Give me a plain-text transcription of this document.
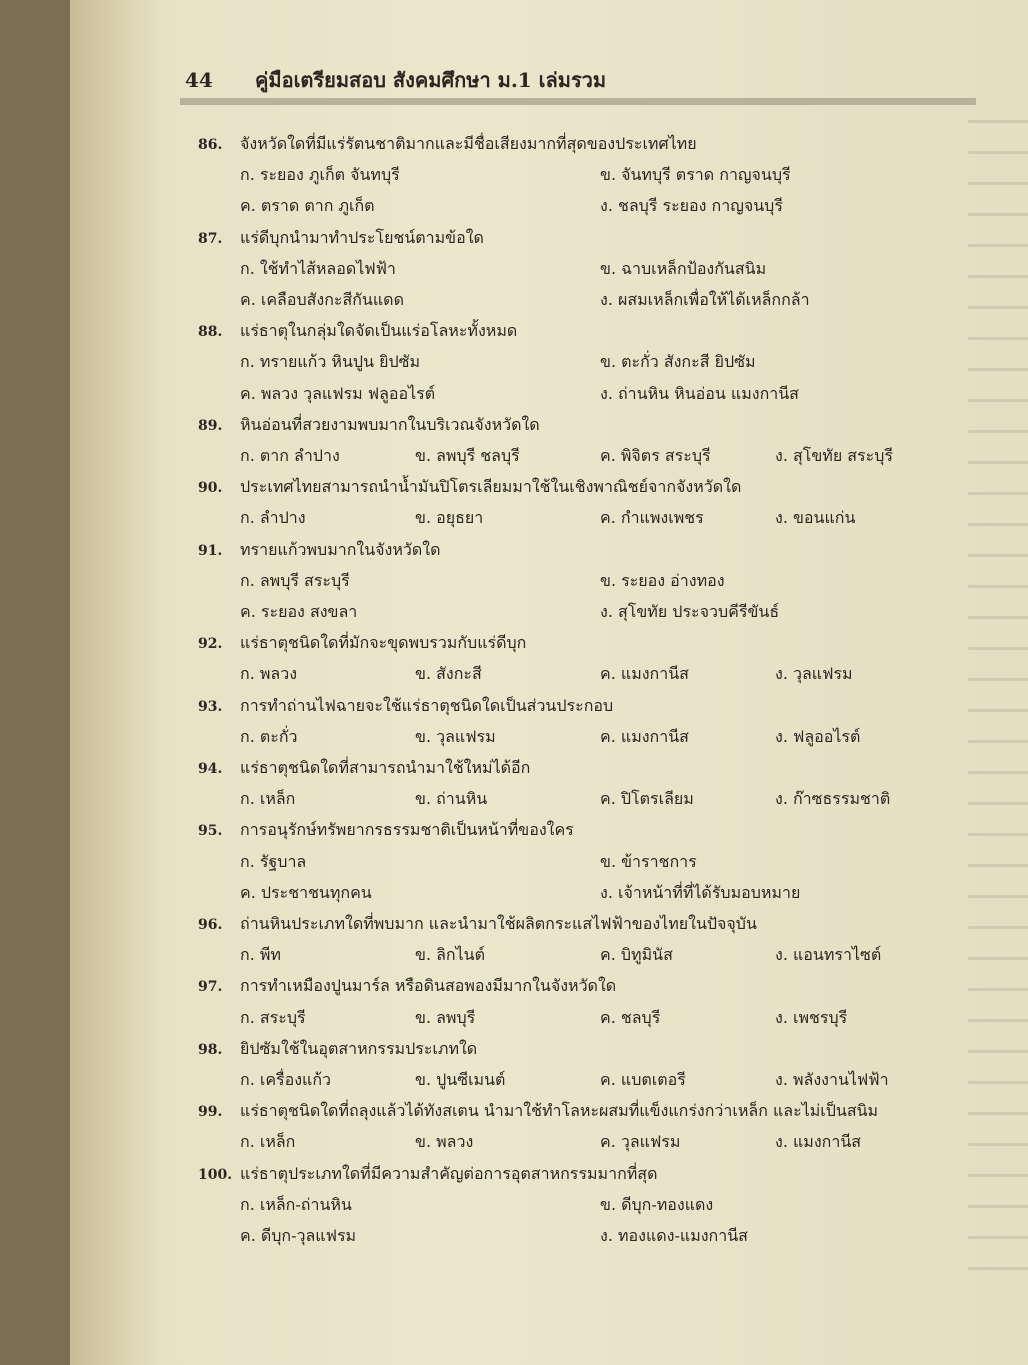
44 คู่มือเตรียมสอบ สังคมศึกษา ม.1 เล่มรวม
86. จังหวัดใดที่มีแร่รัตนชาติมากและมีชื่อเสียงมากที่สุดของประเทศไทย
ก. ระยอง ภูเก็ต จันทบุรี	ข. จันทบุรี ตราด กาญจนบุรี
ค. ตราด ตาก ภูเก็ต	ง. ชลบุรี ระยอง กาญจนบุรี
87. แร่ดีบุกนำมาทำประโยชน์ตามข้อใด
ก. ใช้ทำไส้หลอดไฟฟ้า	ข. ฉาบเหล็กป้องกันสนิม
ค. เคลือบสังกะสีกันแดด	ง. ผสมเหล็กเพื่อให้ได้เหล็กกล้า
88. แร่ธาตุในกลุ่มใดจัดเป็นแร่อโลหะทั้งหมด
ก. ทรายแก้ว หินปูน ยิปซัม	ข. ตะกั่ว สังกะสี ยิปซัม
ค. พลวง วุลแฟรม ฟลูออไรต์	ง. ถ่านหิน หินอ่อน แมงกานีส
89. หินอ่อนที่สวยงามพบมากในบริเวณจังหวัดใด
ก. ตาก ลำปาง	ข. ลพบุรี ชลบุรี	ค. พิจิตร สระบุรี	ง. สุโขทัย สระบุรี
90. ประเทศไทยสามารถนำน้ำมันปิโตรเลียมมาใช้ในเชิงพาณิชย์จากจังหวัดใด
ก. ลำปาง	ข. อยุธยา	ค. กำแพงเพชร	ง. ขอนแก่น
91. ทรายแก้วพบมากในจังหวัดใด
ก. ลพบุรี สระบุรี	ข. ระยอง อ่างทอง
ค. ระยอง สงขลา	ง. สุโขทัย ประจวบคีรีขันธ์
92. แร่ธาตุชนิดใดที่มักจะขุดพบรวมกับแร่ดีบุก
ก. พลวง	ข. สังกะสี	ค. แมงกานีส	ง. วุลแฟรม
93. การทำถ่านไฟฉายจะใช้แร่ธาตุชนิดใดเป็นส่วนประกอบ
ก. ตะกั่ว	ข. วุลแฟรม	ค. แมงกานีส	ง. ฟลูออไรต์
94. แร่ธาตุชนิดใดที่สามารถนำมาใช้ใหม่ได้อีก
ก. เหล็ก	ข. ถ่านหิน	ค. ปิโตรเลียม	ง. ก๊าซธรรมชาติ
95. การอนุรักษ์ทรัพยากรธรรมชาติเป็นหน้าที่ของใคร
ก. รัฐบาล	ข. ข้าราชการ
ค. ประชาชนทุกคน	ง. เจ้าหน้าที่ที่ได้รับมอบหมาย
96. ถ่านหินประเภทใดที่พบมาก และนำมาใช้ผลิตกระแสไฟฟ้าของไทยในปัจจุบัน
ก. พีท	ข. ลิกไนต์	ค. บิทูมินัส	ง. แอนทราไซต์
97. การทำเหมืองปูนมาร์ล หรือดินสอพองมีมากในจังหวัดใด
ก. สระบุรี	ข. ลพบุรี	ค. ชลบุรี	ง. เพชรบุรี
98. ยิปซัมใช้ในอุตสาหกรรมประเภทใด
ก. เครื่องแก้ว	ข. ปูนซีเมนต์	ค. แบตเตอรี	ง. พลังงานไฟฟ้า
99. แร่ธาตุชนิดใดที่ถลุงแล้วได้ทังสเตน นำมาใช้ทำโลหะผสมที่แข็งแกร่งกว่าเหล็ก และไม่เป็นสนิม
ก. เหล็ก	ข. พลวง	ค. วุลแฟรม	ง. แมงกานีส
100. แร่ธาตุประเภทใดที่มีความสำคัญต่อการอุตสาหกรรมมากที่สุด
ก. เหล็ก-ถ่านหิน	ข. ดีบุก-ทองแดง
ค. ดีบุก-วุลแฟรม	ง. ทองแดง-แมงกานีส
